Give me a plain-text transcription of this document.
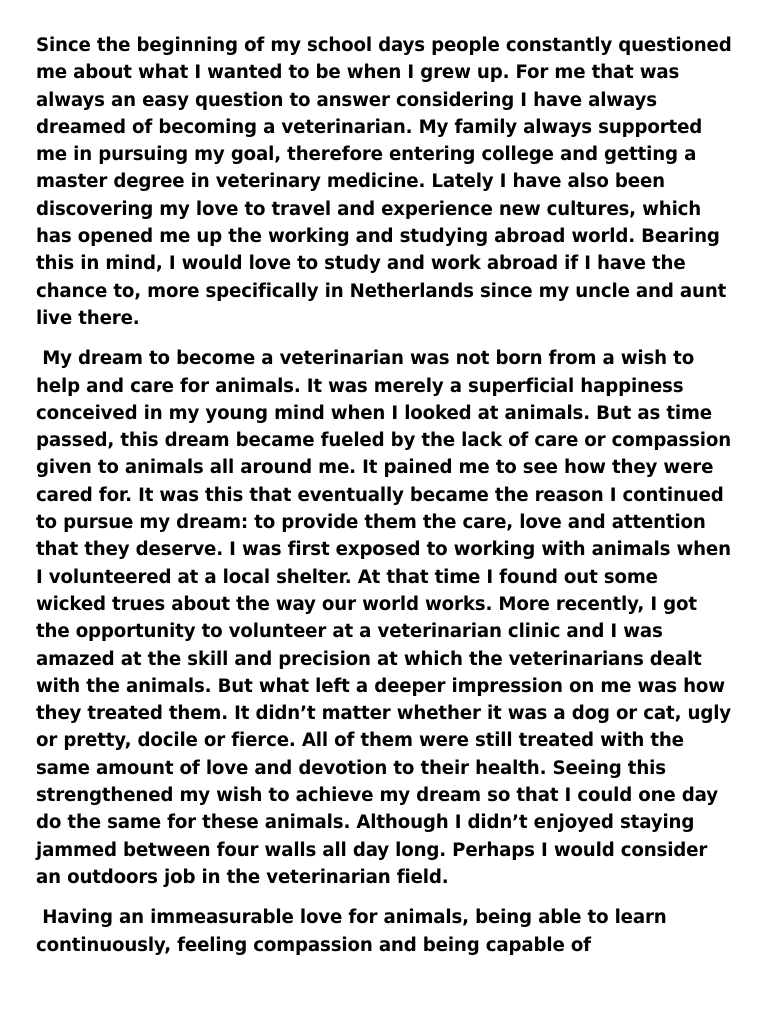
Since the beginning of my school days people constantly questioned me about what I wanted to be when I grew up. For me that was always an easy question to answer considering I have always dreamed of becoming a veterinarian. My family always supported me in pursuing my goal, therefore entering college and getting a master degree in veterinary medicine. Lately I have also been discovering my love to travel and experience new cultures, which has opened me up the working and studying abroad world. Bearing this in mind, I would love to study and work abroad if I have the chance to, more specifically in Netherlands since my uncle and aunt live there.

My dream to become a veterinarian was not born from a wish to help and care for animals. It was merely a superficial happiness conceived in my young mind when I looked at animals. But as time passed, this dream became fueled by the lack of care or compassion given to animals all around me. It pained me to see how they were cared for. It was this that eventually became the reason I continued to pursue my dream: to provide them the care, love and attention that they deserve. I was first exposed to working with animals when I volunteered at a local shelter. At that time I found out some wicked trues about the way our world works. More recently, I got the opportunity to volunteer at a veterinarian clinic and I was amazed at the skill and precision at which the veterinarians dealt with the animals. But what left a deeper impression on me was how they treated them. It didn’t matter whether it was a dog or cat, ugly or pretty, docile or fierce. All of them were still treated with the same amount of love and devotion to their health. Seeing this strengthened my wish to achieve my dream so that I could one day do the same for these animals. Although I didn’t enjoyed staying jammed between four walls all day long. Perhaps I would consider an outdoors job in the veterinarian field.

Having an immeasurable love for animals, being able to learn continuously, feeling compassion and being capable of
